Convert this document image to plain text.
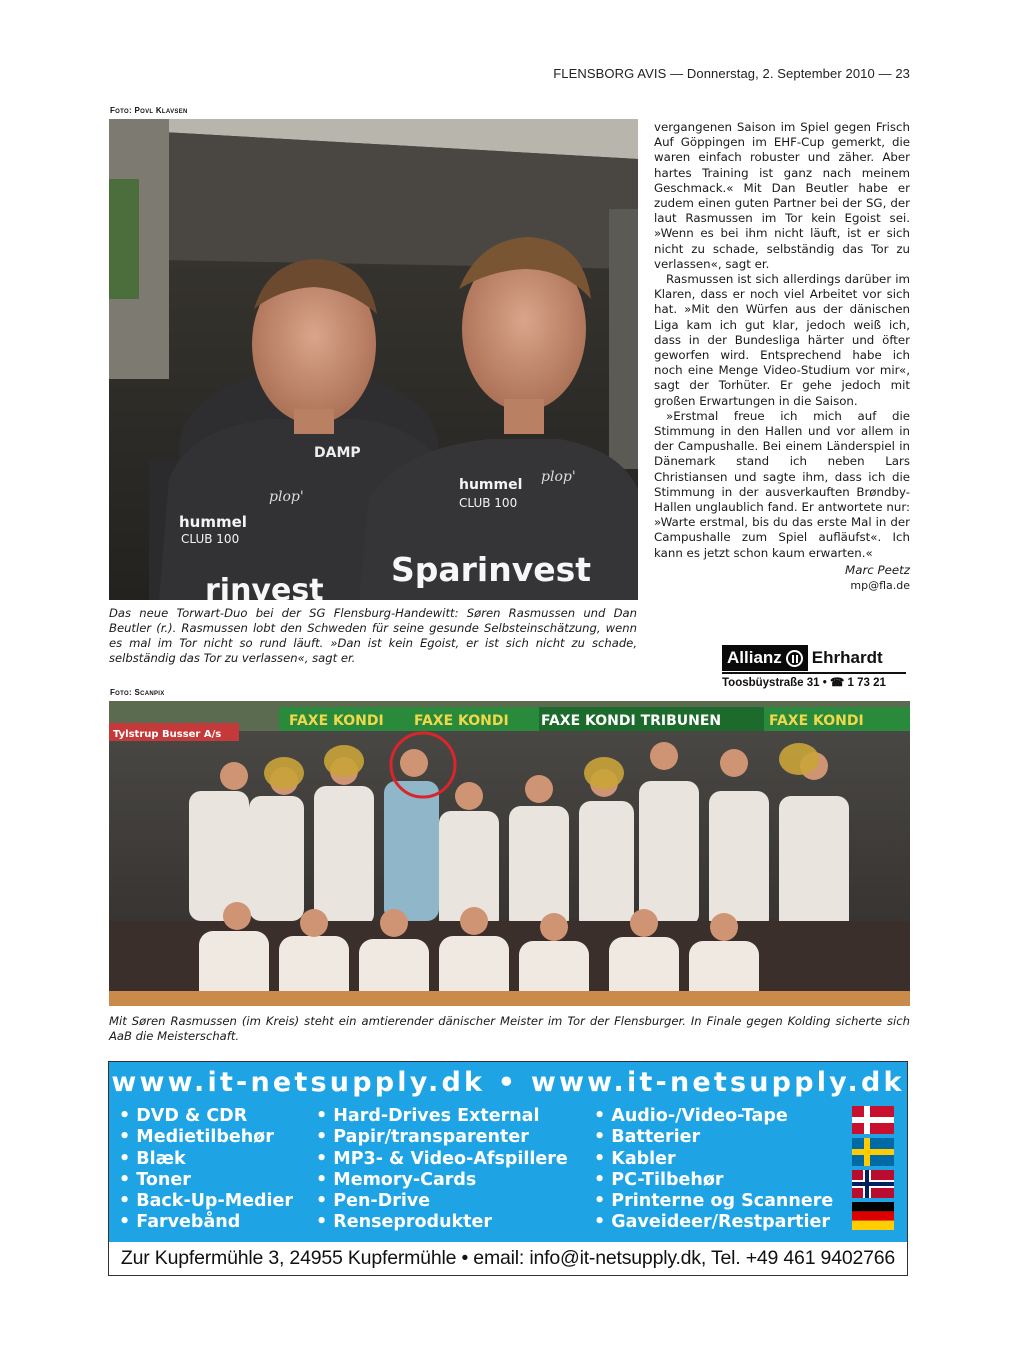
FLENSBORG AVIS — Donnerstag, 2. September 2010 — 23
Foto: Povl Klavsen
hummel
CLUB 100
hummel
CLUB 100
Sparinvest
rinvest
DAMP
plop'
plop'
Das neue Torwart-Duo bei der SG Flensburg-Handewitt: Søren Rasmussen und Dan Beutler (r.). Rasmussen lobt den Schweden für seine gesunde Selbsteinschätzung, wenn es mal im Tor nicht so rund läuft. »Dan ist kein Egoist, er ist sich nicht zu schade, selbständig das Tor zu verlassen«, sagt er.

vergangenen Saison im Spiel gegen Frisch Auf Göppingen im EHF-Cup gemerkt, die waren einfach robuster und zäher. Aber hartes Training ist ganz nach meinem Geschmack.« Mit Dan Beutler habe er zudem einen guten Partner bei der SG, der laut Rasmussen im Tor kein Egoist sei. »Wenn es bei ihm nicht läuft, ist er sich nicht zu schade, selbständig das Tor zu verlassen«, sagt er.

Rasmussen ist sich allerdings darüber im Klaren, dass er noch viel Arbeitet vor sich hat. »Mit den Würfen aus der dänischen Liga kam ich gut klar, jedoch weiß ich, dass in der Bundesliga härter und öfter geworfen wird. Entsprechend habe ich noch eine Menge Video-Studium vor mir«, sagt der Torhüter. Er gehe jedoch mit großen Erwartungen in die Saison.

»Erstmal freue ich mich auf die Stimmung in den Hallen und vor allem in der Campushalle. Bei einem Länderspiel in Dänemark stand ich neben Lars Christiansen und sagte ihm, dass ich die Stimmung in der ausverkauften Brøndby-Hallen unglaublich fand. Er antwortete nur: »Warte erstmal, bis du das erste Mal in der Campushalle zum Spiel aufläufst«. Ich kann es jetzt schon kaum erwarten.«

Marc Peetz
mp@fla.de
Allianz Ehrhardt
Toosbüystraße 31 • ☎ 1 73 21
Foto: Scanpix
FAXE KONDI FAXE KONDI FAXE KONDI TRIBUNEN	FAXE KONDI
Tylstrup Busser A/s
Mit Søren Rasmussen (im Kreis) steht ein amtierender dänischer Meister im Tor der Flensburger. In Finale gegen Kolding sicherte sich AaB die Meisterschaft.
www.it-netsupply.dk • www.it-netsupply.dk
• DVD & CDR
• Medietilbehør
• Blæk
• Toner
• Back-Up-Medier
• Farvebånd
• Hard-Drives External
• Papir/transparenter
• MP3- & Video-Afspillere
• Memory-Cards
• Pen-Drive
• Renseprodukter
• Audio-/Video-Tape
• Batterier
• Kabler
• PC-Tilbehør
• Printerne og Scannere
• Gaveideer/Restpartier
Zur Kupfermühle 3, 24955 Kupfermühle • email: info@it-netsupply.dk, Tel. +49 461 9402766
